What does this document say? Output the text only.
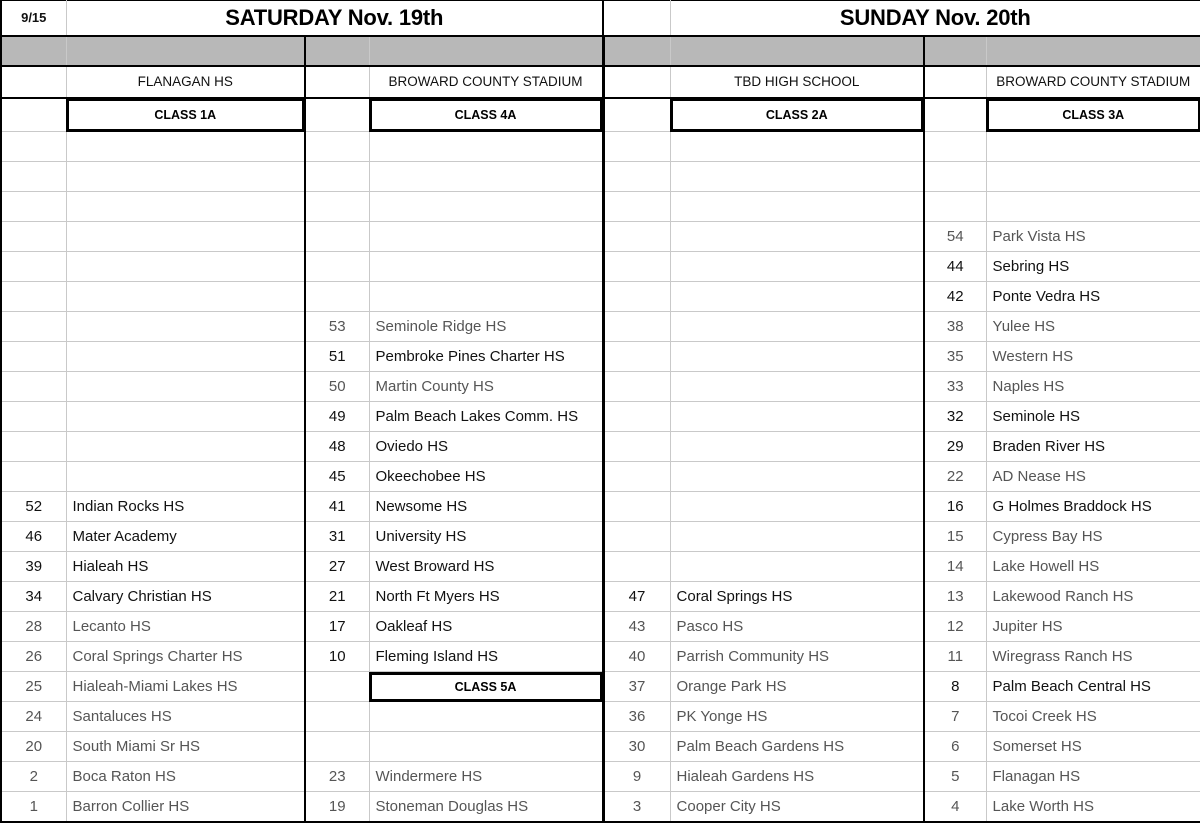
9/15	SATURDAY Nov. 19th				SUNDAY Nov. 20th		

	FLANAGAN HS		BROWARD COUNTY STADIUM		TBD HIGH SCHOOL		BROWARD COUNTY STADIUM
	CLASS 1A		CLASS 4A		CLASS 2A		CLASS 3A

						54	Park Vista HS
						44	Sebring HS
						42	Ponte Vedra HS
		53	Seminole Ridge HS			38	Yulee HS
		51	Pembroke Pines Charter HS			35	Western HS
		50	Martin County HS			33	Naples HS
		49	Palm Beach Lakes Comm. HS			32	Seminole HS
		48	Oviedo HS			29	Braden River HS
		45	Okeechobee HS			22	AD Nease HS
52	Indian Rocks HS	41	Newsome HS			16	G Holmes Braddock HS
46	Mater Academy	31	University HS			15	Cypress Bay HS
39	Hialeah HS	27	West Broward HS			14	Lake Howell HS
34	Calvary Christian HS	21	North Ft Myers HS	47	Coral Springs HS	13	Lakewood Ranch HS
28	Lecanto HS	17	Oakleaf HS	43	Pasco HS	12	Jupiter HS
26	Coral Springs Charter HS	10	Fleming Island HS	40	Parrish Community HS	11	Wiregrass Ranch HS
25	Hialeah-Miami Lakes HS		CLASS 5A	37	Orange Park HS	8	Palm Beach Central HS
24	Santaluces HS			36	PK Yonge HS	7	Tocoi Creek HS
20	South Miami Sr HS			30	Palm Beach Gardens HS	6	Somerset HS
2	Boca Raton HS	23	Windermere HS	9	Hialeah Gardens HS	5	Flanagan HS
1	Barron Collier HS	19	Stoneman Douglas HS	3	Cooper City HS	4	Lake Worth HS
